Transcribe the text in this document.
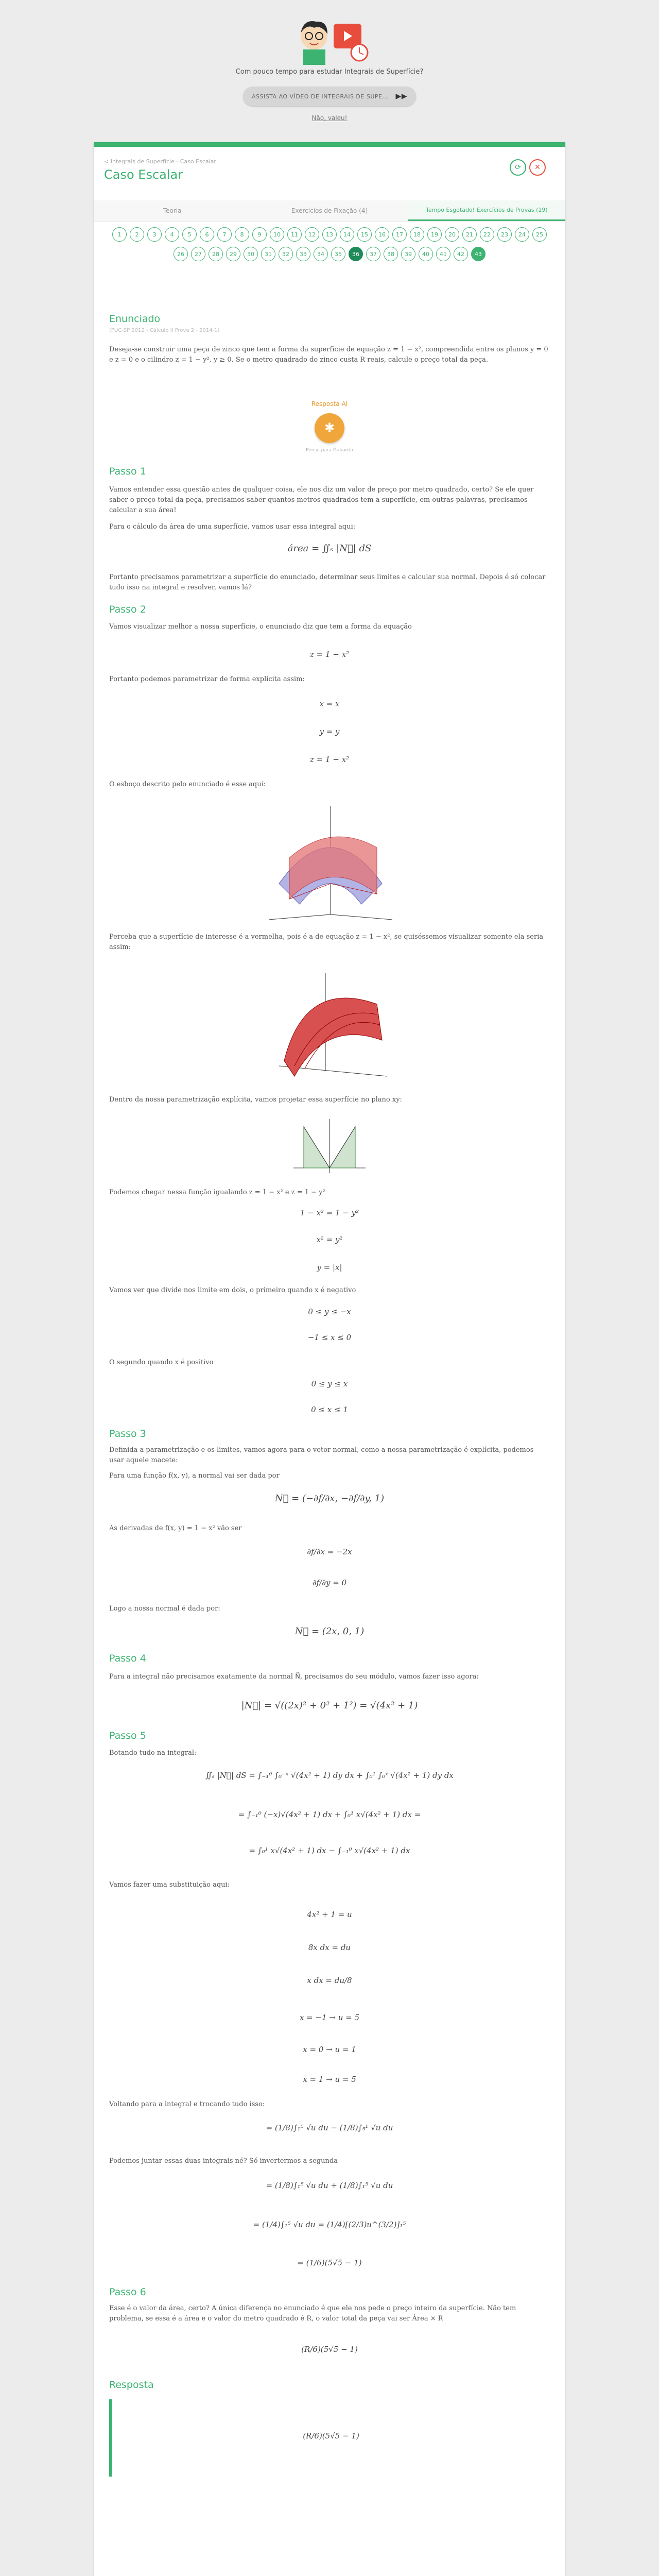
Com pouco tempo para estudar Integrais de Superfície?
ASSISTA AO VÍDEO DE INTEGRAIS DE SUPE... ▶▶
Não, valeu!
< Integrais de Superfície - Caso Escalar
Caso Escalar	⟳	✕
Teoria	Exercícios de Fixação (4)	Tempo Esgotado! Exercícios de Provas (19)
1	2	3	4	5	6	7	8	9	10	11	12	13	14	15	16	17	18	19	20	21	22	23	24	25
26	27	28	29	30	31	32	33	34	35	36	37	38	39	40	41	42	43
Enunciado
(PUC-SP 2012 - Cálculo II Prova 2 - 2014-1)
Deseja-se construir uma peça de zinco que tem a forma da superfície de equação z = 1 − x², compreendida entre os planos y = 0 e z = 0 e o cilindro z = 1 − y², y ≥ 0. Se o metro quadrado do zinco custa R reais, calcule o preço total da peça.
Resposta AI
✱
Pense para Gabarito
Passo 1
Vamos entender essa questão antes de qualquer coisa, ele nos diz um valor de preço por metro quadrado, certo? Se ele quer saber o preço total da peça, precisamos saber quantos metros quadrados tem a superfície, em outras palavras, precisamos calcular a sua área!
Para o cálculo da área de uma superfície, vamos usar essa integral aqui:
área = ∬ₛ |N⃗| dS
Portanto precisamos parametrizar a superfície do enunciado, determinar seus limites e calcular sua normal. Depois é só colocar tudo isso na integral e resolver, vamos lá?
Passo 2
Vamos visualizar melhor a nossa superfície, o enunciado diz que tem a forma da equação
z = 1 − x²
Portanto podemos parametrizar de forma explícita assim:
x = x
y = y
z = 1 − x²
O esboço descrito pelo enunciado é esse aqui:
Perceba que a superfície de interesse é a vermelha, pois é a de equação z = 1 − x², se quiséssemos visualizar somente ela seria assim:
Dentro da nossa parametrização explícita, vamos projetar essa superfície no plano xy:
Podemos chegar nessa função igualando z = 1 − x² e z = 1 − y²
1 − x² = 1 − y²
x² = y²
y = |x|
Vamos ver que divide nos limite em dois, o primeiro quando x é negativo
0 ≤ y ≤ −x
−1 ≤ x ≤ 0
O segundo quando x é positivo
0 ≤ y ≤ x
0 ≤ x ≤ 1
Passo 3
Definida a parametrização e os limites, vamos agora para o vetor normal, como a nossa parametrização é explícita, podemos usar aquele macete:
Para uma função f(x, y), a normal vai ser dada por
N⃗ = (−∂f/∂x, −∂f/∂y, 1)
As derivadas de f(x, y) = 1 − x² vão ser
∂f/∂x = −2x
∂f/∂y = 0
Logo a nossa normal é dada por:
N⃗ = (2x, 0, 1)
Passo 4
Para a integral não precisamos exatamente da normal N⃗, precisamos do seu módulo, vamos fazer isso agora:
|N⃗| = √((2x)² + 0² + 1²) = √(4x² + 1)
Passo 5
Botando tudo na integral:
∬ₛ |N⃗| dS = ∫₋₁⁰ ∫₀⁻ˣ √(4x² + 1) dy dx + ∫₀¹ ∫₀ˣ √(4x² + 1) dy dx
= ∫₋₁⁰ (−x)√(4x² + 1) dx + ∫₀¹ x√(4x² + 1) dx =
= ∫₀¹ x√(4x² + 1) dx − ∫₋₁⁰ x√(4x² + 1) dx
Vamos fazer uma substituição aqui:
4x² + 1 = u
8x dx = du
x dx = du/8
x = −1 → u = 5
x = 0 → u = 1
x = 1 → u = 5
Voltando para a integral e trocando tudo isso:
= (1/8)∫₁⁵ √u du − (1/8)∫₅¹ √u du
Podemos juntar essas duas integrais né? Só invertermos a segunda
= (1/8)∫₁⁵ √u du + (1/8)∫₁⁵ √u du
= (1/4)∫₁⁵ √u du = (1/4)[(2/3)u^(3/2)]₁⁵
= (1/6)(5√5 − 1)
Passo 6
Esse é o valor da área, certo? A única diferença no enunciado é que ele nos pede o preço inteiro da superfície. Não tem problema, se essa é a área e o valor do metro quadrado é R, o valor total da peça vai ser Área × R
(R/6)(5√5 − 1)
Resposta
(R/6)(5√5 − 1)
